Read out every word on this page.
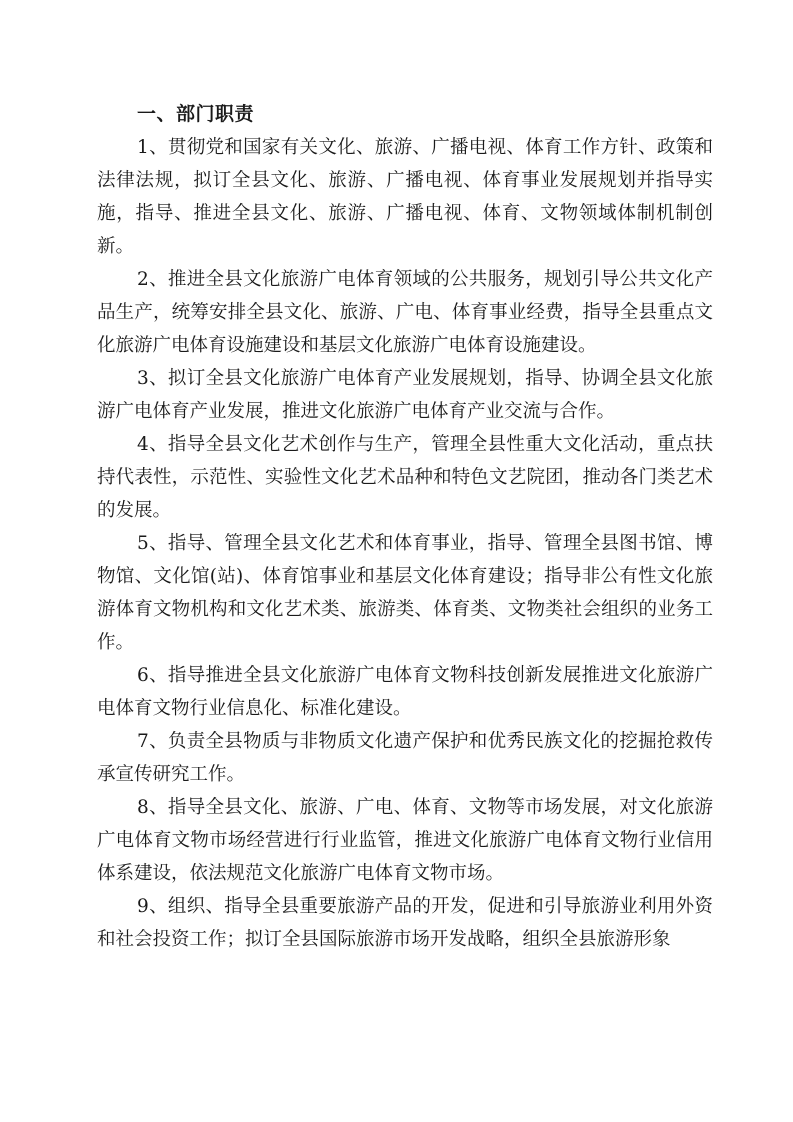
一、部门职责

1、贯彻党和国家有关文化、旅游、广播电视、体育工作方针、政策和法律法规，拟订全县文化、旅游、广播电视、体育事业发展规划并指导实施，指导、推进全县文化、旅游、广播电视、体育、文物领域体制机制创新。

2、推进全县文化旅游广电体育领域的公共服务，规划引导公共文化产品生产，统筹安排全县文化、旅游、广电、体育事业经费，指导全县重点文化旅游广电体育设施建设和基层文化旅游广电体育设施建设。

3、拟订全县文化旅游广电体育产业发展规划，指导、协调全县文化旅游广电体育产业发展，推进文化旅游广电体育产业交流与合作。

4、指导全县文化艺术创作与生产，管理全县性重大文化活动，重点扶持代表性，示范性、实验性文化艺术品种和特色文艺院团，推动各门类艺术的发展。

5、指导、管理全县文化艺术和体育事业，指导、管理全县图书馆、博物馆、文化馆(站)、体育馆事业和基层文化体育建设；指导非公有性文化旅游体育文物机构和文化艺术类、旅游类、体育类、文物类社会组织的业务工作。

6、指导推进全县文化旅游广电体育文物科技创新发展推进文化旅游广电体育文物行业信息化、标准化建设。

7、负责全县物质与非物质文化遗产保护和优秀民族文化的挖掘抢救传承宣传研究工作。

8、指导全县文化、旅游、广电、体育、文物等市场发展，对文化旅游广电体育文物市场经营进行行业监管，推进文化旅游广电体育文物行业信用体系建设，依法规范文化旅游广电体育文物市场。

9、组织、指导全县重要旅游产品的开发，促进和引导旅游业利用外资和社会投资工作；拟订全县国际旅游市场开发战略，组织全县旅游形象
